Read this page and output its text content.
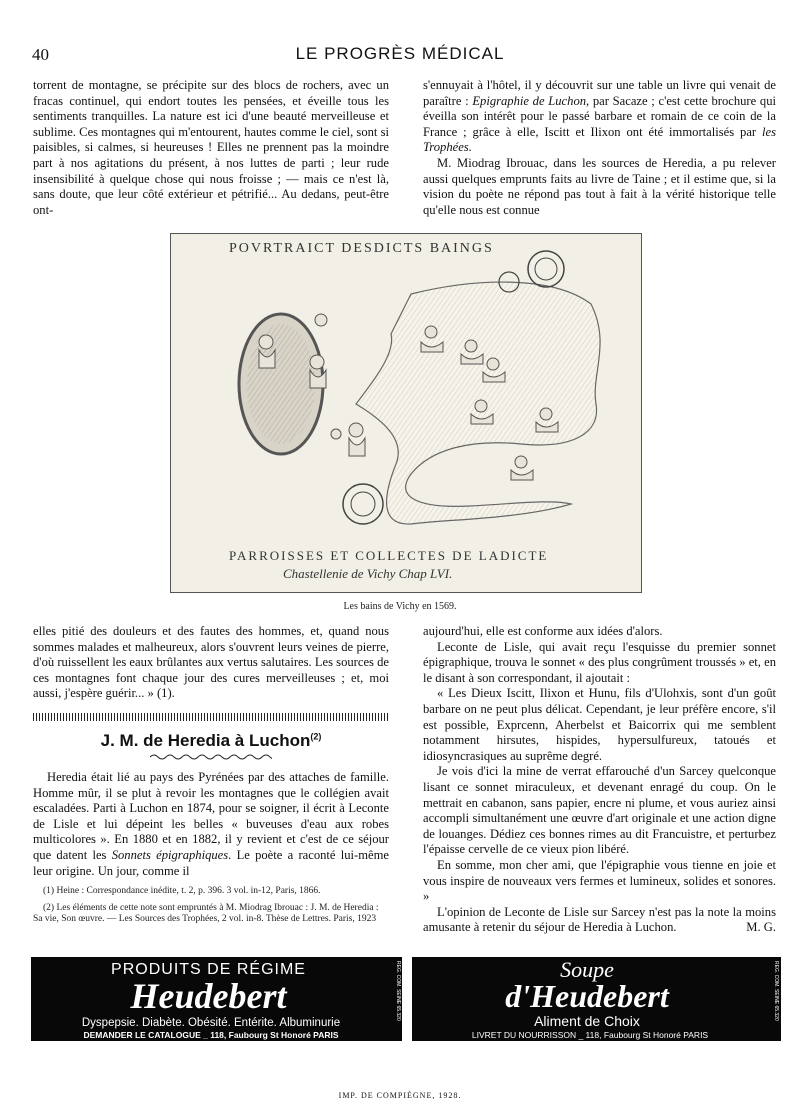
40	LE PROGRÈS MÉDICAL

torrent de montagne, se précipite sur des blocs de rochers, avec un fracas continuel, qui endort toutes les pensées, et éveille tous les sentiments tranquilles. La nature est ici d'une beauté merveilleuse et sublime. Ces montagnes qui m'entourent, hautes comme le ciel, sont si paisibles, si calmes, si heureuses ! Elles ne prennent pas la moindre part à nos agitations du présent, à nos luttes de parti ; leur rude insensibilité à quelque chose qui nous froisse ; — mais ce n'est là, sans doute, que leur côté extérieur et pétrifié... Au dedans, peut-être ont-

s'ennuyait à l'hôtel, il y découvrit sur une table un livre qui venait de paraître : Epigraphie de Luchon, par Sacaze ; c'est cette brochure qui éveilla son intérêt pour le passé barbare et romain de ce coin de la France ; grâce à elle, Iscitt et Ilixon ont été immortalisés par les Trophées.

M. Miodrag Ibrouac, dans les sources de Heredia, a pu relever aussi quelques emprunts faits au livre de Taine ; et il estime que, si la vision du poète ne répond pas tout à fait à la vérité historique telle qu'elle nous est connue

POVRTRAICT DESDICTS BAINGS
PARROISSES ET COLLECTES DE LADICTE
Chastellenie de Vichy Chap LVI.
Les bains de Vichy en 1569.

elles pitié des douleurs et des fautes des hommes, et, quand nous sommes malades et malheureux, alors s'ouvrent leurs veines de pierre, d'où ruissellent les eaux brûlantes aux vertus salutaires. Les sources de ces montagnes font chaque jour des cures merveilleuses ; et, moi aussi, j'espère guérir... » (1).

J. M. de Heredia à Luchon$^{(2)}$

Heredia était lié au pays des Pyrénées par des attaches de famille. Homme mûr, il se plut à revoir les montagnes que le collégien avait escaladées. Parti à Luchon en 1874, pour se soigner, il écrit à Leconte de Lisle et lui dépeint les belles « buveuses d'eau aux robes multicolores ». En 1880 et en 1882, il y revient et c'est de ce séjour que datent les Sonnets épigraphiques. Le poète a raconté lui-même leur origine. Un jour, comme il

(1) Heine : Correspondance inédite, t. 2, p. 396. 3 vol. in-12, Paris, 1866.

(2) Les éléments de cette note sont empruntés à M. Miodrag Ibrouac : J. M. de Heredia : Sa vie, Son œuvre. — Les Sources des Trophées, 2 vol. in-8. Thèse de Lettres. Paris, 1923

aujourd'hui, elle est conforme aux idées d'alors.

Leconte de Lisle, qui avait reçu l'esquisse du premier sonnet épigraphique, trouva le sonnet « des plus congrûment troussés » et, en le disant à son correspondant, il ajoutait :

« Les Dieux Iscitt, Ilixon et Hunu, fils d'Ulohxis, sont d'un goût barbare on ne peut plus délicat. Cependant, je leur préfère encore, s'il est possible, Exprcenn, Aherbelst et Baicorrix qui me semblent notamment hirsutes, hispides, hypersulfureux, tatoués et idiosyncrasiques au suprême degré.

Je vois d'ici la mine de verrat effarouché d'un Sarcey quelconque lisant ce sonnet miraculeux, et devenant enragé du coup. On le mettrait en cabanon, sans papier, encre ni plume, et vous auriez ainsi accompli simultanément une œuvre d'art originale et une action digne de louanges. Dédiez ces bonnes rimes au dit Francuistre, et perturbez l'épaisse cervelle de ce vieux pion libéré.

En somme, mon cher ami, que l'épigraphie vous tienne en joie et vous inspire de nouveaux vers fermes et lumineux, solides et sonores. »

L'opinion de Leconte de Lisle sur Sarcey n'est pas la note la moins amusante à retenir du séjour de Heredia à Luchon.	M. G.

PRODUITS DE RÉGIME
Heudebert
Dyspepsie. Diabète. Obésité. Entérite. Albuminurie
DEMANDER LE CATALOGUE _ 118, Faubourg St Honoré PARIS
REG. COM. SEINE 65.320	Soupe
d'Heudebert
Aliment de Choix
LIVRET DU NOURRISSON _ 118, Faubourg St Honoré PARIS
REG. COM. SEINE 65.320
IMP. DE COMPIÈGNE, 1928.
